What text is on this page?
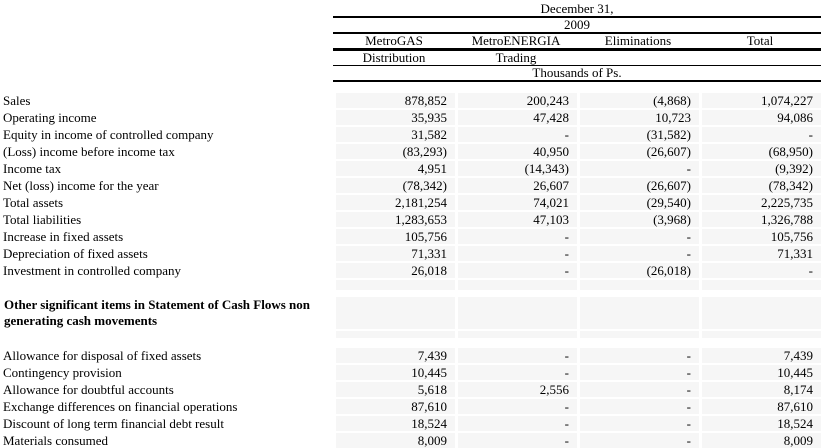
December 31,
2009
MetroGAS	MetroENERGIA	Eliminations	Total
Distribution	Trading
Thousands of Ps.
Sales	878,852	200,243	(4,868)	1,074,227
Operating income	35,935	47,428	10,723	94,086
Equity in income of controlled company	31,582	-	(31,582)	-
(Loss) income before income tax	(83,293)	40,950	(26,607)	(68,950)
Income tax	4,951	(14,343)	-	(9,392)
Net (loss) income for the year	(78,342)	26,607	(26,607)	(78,342)
Total assets	2,181,254	74,021	(29,540)	2,225,735
Total liabilities	1,283,653	47,103	(3,968)	1,326,788
Increase in fixed assets	105,756	-	-	105,756
Depreciation of fixed assets	71,331	-	-	71,331
Investment in controlled company	26,018	-	(26,018)	-
Other significant items in Statement of Cash Flows non generating cash movements
Allowance for disposal of fixed assets	7,439	-	-	7,439
Contingency provision	10,445	-	-	10,445
Allowance for doubtful accounts	5,618	2,556	-	8,174
Exchange differences on financial operations	87,610	-	-	87,610
Discount of long term financial debt result	18,524	-	-	18,524
Materials consumed	8,009	-	-	8,009
